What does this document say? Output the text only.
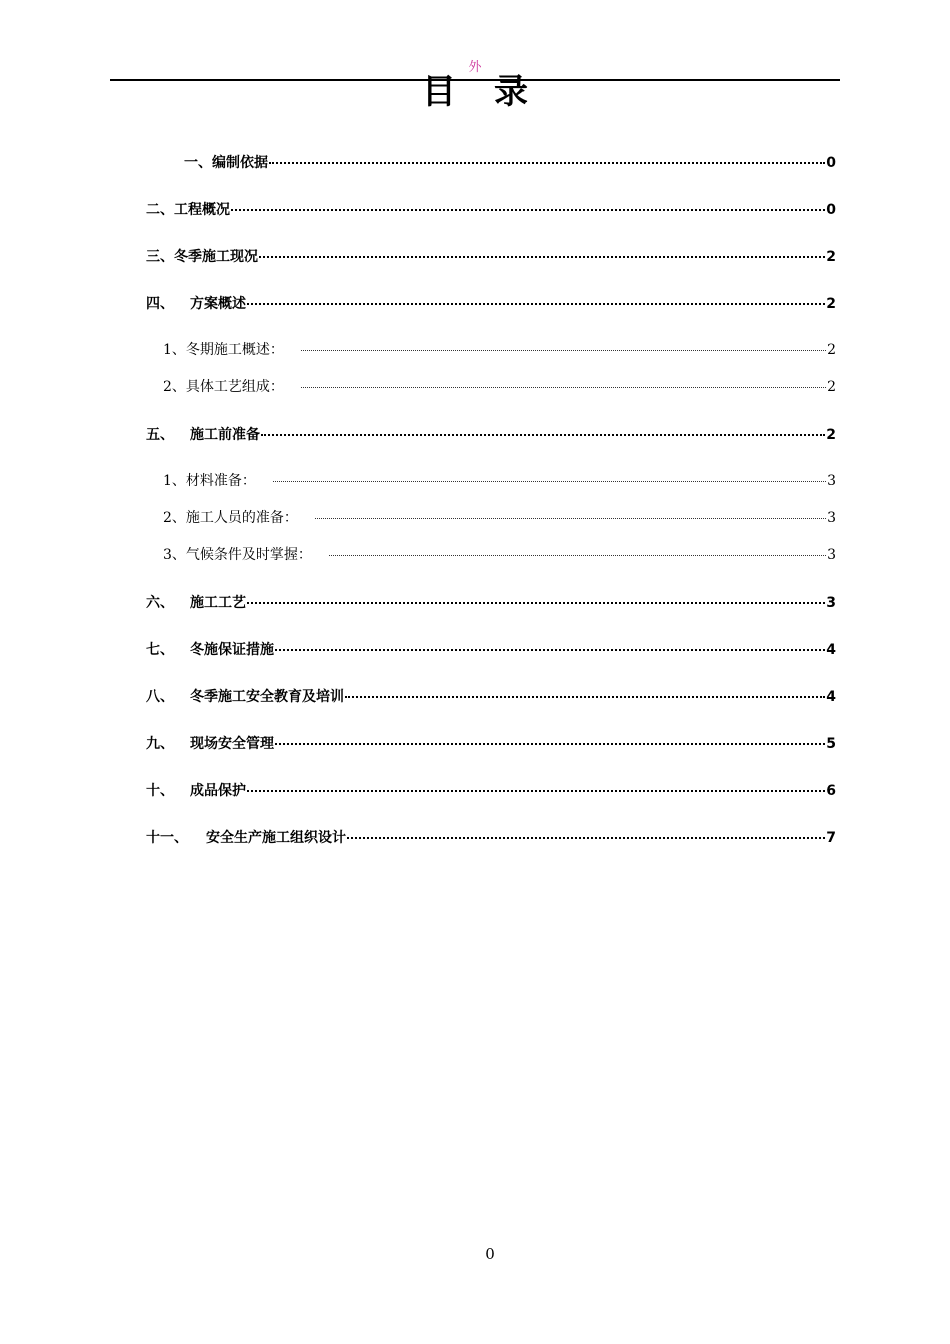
外
目录
一、 编制依据	0
二、 工程概况	0
三、 冬季施工现况	2
四、 方案概述	2
1、 冬期施工概述：	2
2、 具体工艺组成：	2
五、 施工前准备	2
1、 材料准备：	3
2、 施工人员的准备：	3
3、 气候条件及时掌握：	3
六、 施工工艺	3
七、 冬施保证措施	4
八、 冬季施工安全教育及培训	4
九、 现场安全管理	5
十、 成品保护	6
十一、 安全生产施工组织设计	7
0
